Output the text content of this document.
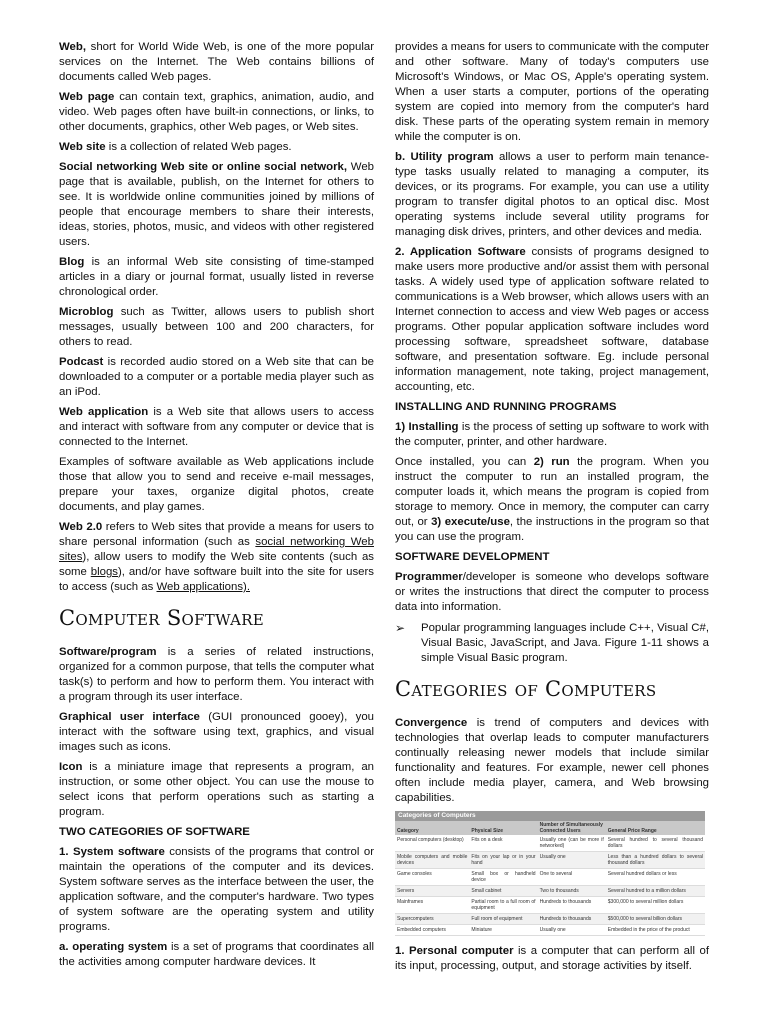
Web, short for World Wide Web, is one of the more popular services on the Internet. The Web contains billions of documents called Web pages.

Web page can contain text, graphics, animation, audio, and video. Web pages often have built-in connections, or links, to other documents, graphics, other Web pages, or Web sites.

Web site is a collection of related Web pages.

Social networking Web site or online social network, Web page that is available, publish, on the Internet for others to see. It is worldwide online communities joined by millions of people that encourage members to share their interests, ideas, stories, photos, music, and videos with other registered users.

Blog is an informal Web site consisting of time-stamped articles in a diary or journal format, usually listed in reverse chronological order.

Microblog such as Twitter, allows users to publish short messages, usually between 100 and 200 characters, for others to read.

Podcast is recorded audio stored on a Web site that can be downloaded to a computer or a portable media player such as an iPod.

Web application is a Web site that allows users to access and interact with software from any computer or device that is connected to the Internet.

Examples of software available as Web applications include those that allow you to send and receive e-mail messages, prepare your taxes, organize digital photos, create documents, and play games.

Web 2.0 refers to Web sites that provide a means for users to share personal information (such as social networking Web sites), allow users to modify the Web site contents (such as some blogs), and/or have software built into the site for users to access (such as Web applications).

Computer Software

Software/program is a series of related instructions, organized for a common purpose, that tells the computer what task(s) to perform and how to perform them. You interact with a program through its user interface.

Graphical user interface (GUI pronounced gooey), you interact with the software using text, graphics, and visual images such as icons.

Icon is a miniature image that represents a program, an instruction, or some other object. You can use the mouse to select icons that perform operations such as starting a program.

TWO CATEGORIES OF SOFTWARE

1. System software consists of the programs that control or maintain the operations of the computer and its devices. System software serves as the interface between the user, the application software, and the computer's hardware. Two types of system software are the operating system and utility programs.

a. operating system is a set of programs that coordinates all the activities among computer hardware devices. It

provides a means for users to communicate with the computer and other software. Many of today's computers use Microsoft's Windows, or Mac OS, Apple's operating system. When a user starts a computer, portions of the operating system are copied into memory from the computer's hard disk. These parts of the operating system remain in memory while the computer is on.

b. Utility program allows a user to perform main tenance-type tasks usually related to managing a computer, its devices, or its programs. For example, you can use a utility program to transfer digital photos to an optical disc. Most operating systems include several utility programs for managing disk drives, printers, and other devices and media.

2. Application Software consists of programs designed to make users more productive and/or assist them with personal tasks. A widely used type of application software related to communications is a Web browser, which allows users with an Internet connection to access and view Web pages or access programs. Other popular application software includes word processing software, spreadsheet software, database software, and presentation software. Eg. include personal information management, note taking, project management, accounting, etc.

INSTALLING AND RUNNING PROGRAMS

1) Installing is the process of setting up software to work with the computer, printer, and other hardware.

Once installed, you can 2) run the program. When you instruct the computer to run an installed program, the computer loads it, which means the program is copied from storage to memory. Once in memory, the computer can carry out, or 3) execute/use, the instructions in the program so that you can use the program.

SOFTWARE DEVELOPMENT

Programmer/developer is someone who develops software or writes the instructions that direct the computer to process data into information.

➢	Popular programming languages include C++, Visual C#, Visual Basic, JavaScript, and Java. Figure 1-11 shows a simple Visual Basic program.
Categories of Computers

Convergence is trend of computers and devices with technologies that overlap leads to computer manufacturers continually releasing newer models that include similar functionality and features. For example, newer cell phones often include media player, camera, and Web browsing capabilities.

Categories of Computers
Category	Physical Size	Number of Simultaneously Connected Users	General Price Range
Personal computers (desktop)	Fits on a desk	Usually one (can be more if networked)	Several hundred to several thousand dollars
Mobile computers and mobile devices	Fits on your lap or in your hand	Usually one	Less than a hundred dollars to several thousand dollars
Game consoles	Small box or handheld device	One to several	Several hundred dollars or less
Servers	Small cabinet	Two to thousands	Several hundred to a million dollars
Mainframes	Partial room to a full room of equipment	Hundreds to thousands	$300,000 to several million dollars
Supercomputers	Full room of equipment	Hundreds to thousands	$500,000 to several billion dollars
Embedded computers	Miniature	Usually one	Embedded in the price of the product

1. Personal computer is a computer that can perform all of its input, processing, output, and storage activities by itself.
